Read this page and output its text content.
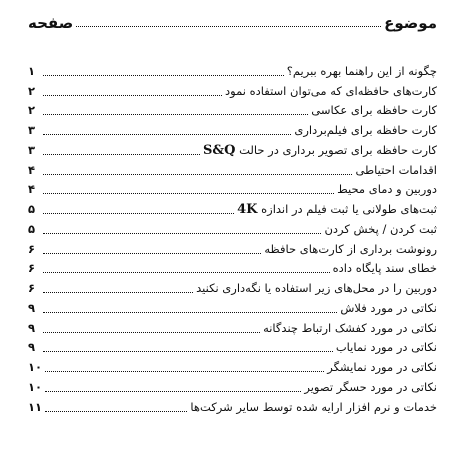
موضوع
صفحه
چگونه از این راهنما بهره ببریم؟
۱
کارت‌های حافظه‌ای که می‌توان استفاده نمود
۲
کارت حافظه برای عکاسی
۲
کارت حافظه برای فیلم‌برداری
۳
کارت حافظه برای تصویر برداری در حالت S&Q
۳
اقدامات احتیاطی
۴
دوربین و دمای محیط
۴
ثبت‌های طولانی یا ثبت فیلم در اندازه 4K
۵
ثبت کردن / پخش کردن
۵
رونوشت برداری از کارت‌های حافظه
۶
خطای سند پایگاه داده
۶
دوربین را در محل‌های زیر استفاده یا نگه‌داری نکنید
۶
نکاتی در مورد فلاش
۹
نکاتی در مورد کفشک ارتباط چندگانه
۹
نکاتی در مورد نمایاب
۹
نکاتی در مورد نمایشگر
۱۰
نکاتی در مورد حسگر تصویر
۱۰
خدمات و نرم افزار ارایه شده توسط سایر شرکت‌ها
۱۱
